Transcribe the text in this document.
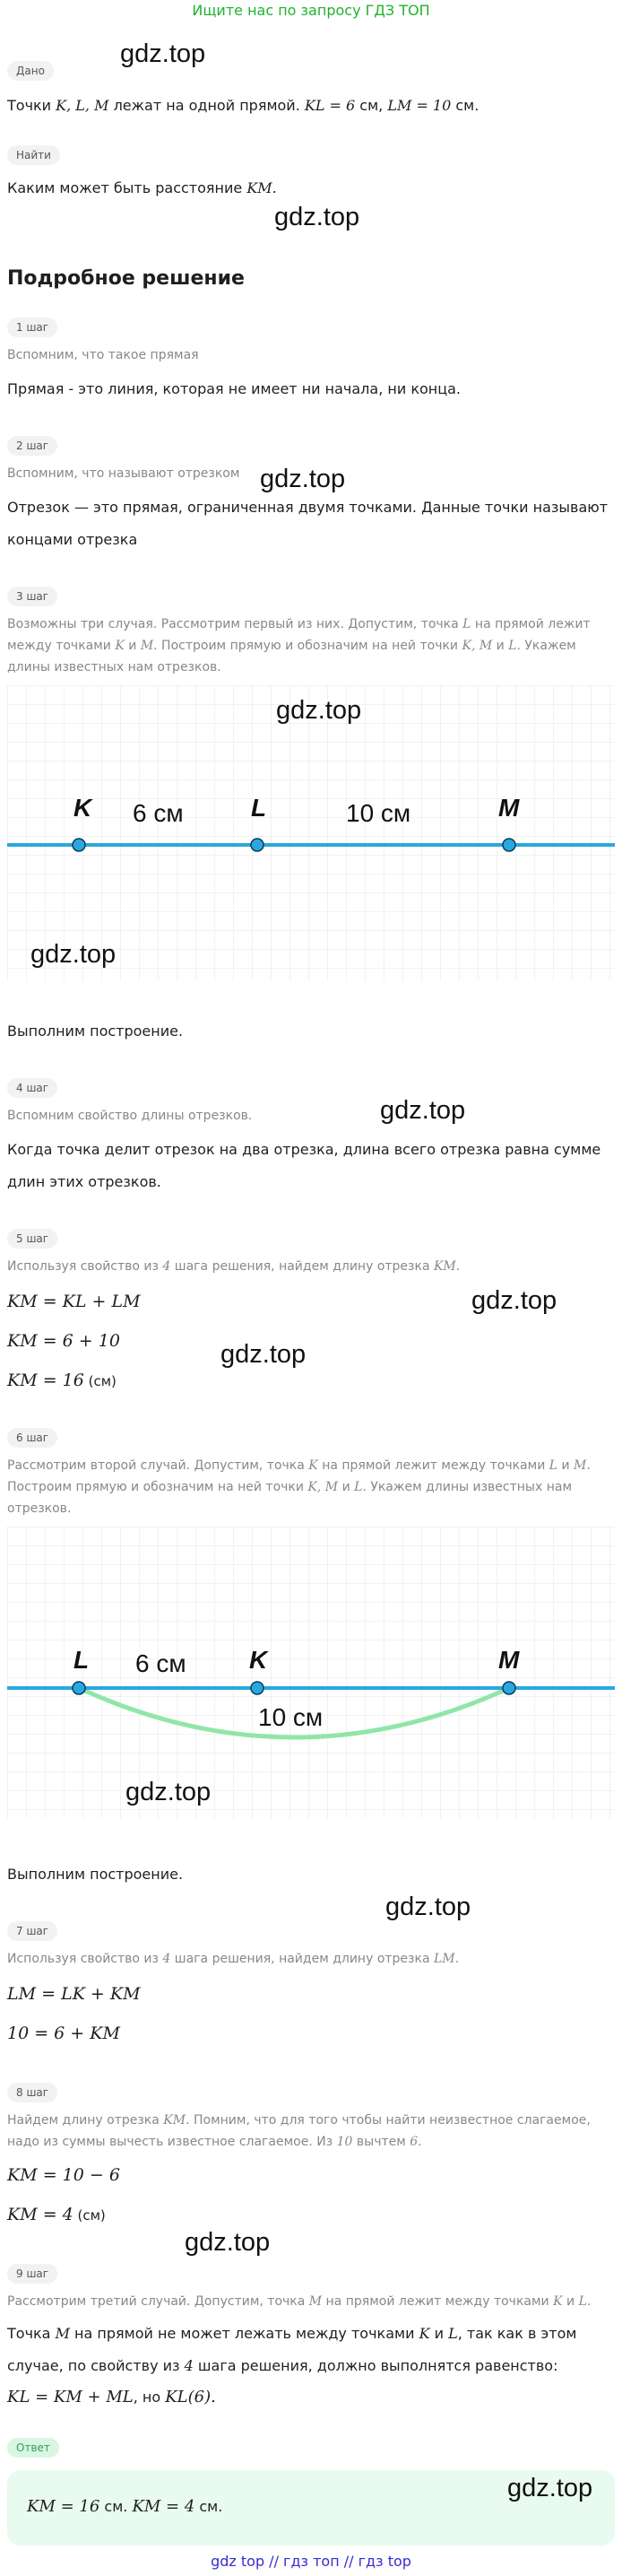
Ищите нас по запросу ГДЗ ТОП
Дано
gdz.top
Точки K, L, M лежат на одной прямой. KL = 6 см, LM = 10 см.
Найти
Каким может быть расстояние KM.
gdz.top
Подробное решение
1 шаг
Вспомним, что такое прямая
Прямая - это линия, которая не имеет ни начала, ни конца.
2 шаг
Вспомним, что называют отрезком gdz.top
Отрезок — это прямая, ограниченная двумя точками. Данные точки называют
концами отрезка
3 шаг
Возможны три случая. Рассмотрим первый из них. Допустим, точка L на прямой лежит
между точками K и M. Построим прямую и обозначим на ней точки K, M и L. Укажем
длины известных нам отрезков.
K	L	M
6 см	10 см
gdz.top
gdz.top
Выполним построение.
4 шаг
Вспомним свойство длины отрезков.	gdz.top
Когда точка делит отрезок на два отрезка, длина всего отрезка равна сумме
длин этих отрезков.
5 шаг
Используя свойство из 4 шага решения, найдем длину отрезка KM.
KM = KL + LM	gdz.top
KM = 6 + 10	gdz.top
KM = 16 (см)
6 шаг
Рассмотрим второй случай. Допустим, точка K на прямой лежит между точками L и M.
Построим прямую и обозначим на ней точки K, M и L. Укажем длины известных нам
отрезков.
L	K	M
6 см
10 см
gdz.top
Выполним построение.
gdz.top
7 шаг
Используя свойство из 4 шага решения, найдем длину отрезка LM.
LM = LK + KM
10 = 6 + KM
8 шаг
Найдем длину отрезка KM. Помним, что для того чтобы найти неизвестное слагаемое,
надо из суммы вычесть известное слагаемое. Из 10 вычтем 6.
KM = 10 − 6
KM = 4 (см)
gdz.top
9 шаг
Рассмотрим третий случай. Допустим, точка M на прямой лежит между точками K и L.
Точка M на прямой не может лежать между точками K и L, так как в этом
случае, по свойству из 4 шага решения, должно выполнятся равенство:
KL = KM + ML, но KL(6).
Ответ
KM = 16 см. KM = 4 см.
gdz.top
gdz top // гдз топ // гдз top
